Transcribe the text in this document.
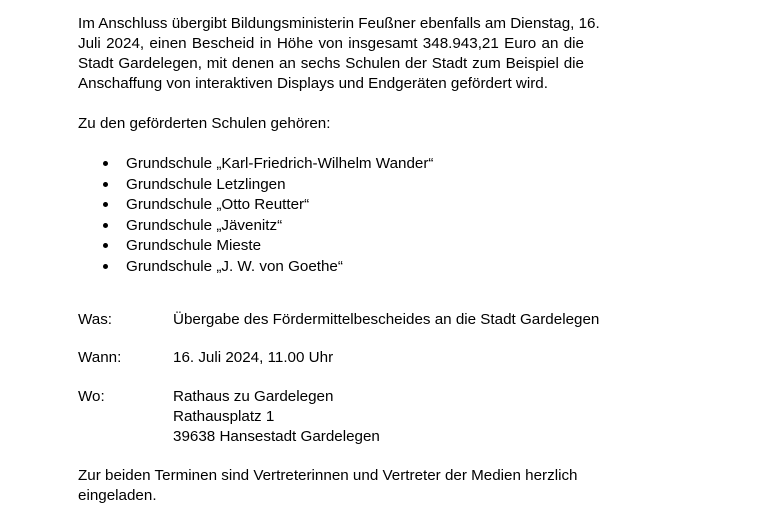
Im Anschluss übergibt Bildungsministerin Feußner ebenfalls am Dienstag, 16.
Juli 2024, einen Bescheid in Höhe von insgesamt 348.943,21 Euro an die
Stadt Gardelegen, mit denen an sechs Schulen der Stadt zum Beispiel die
Anschaffung von interaktiven Displays und Endgeräten gefördert wird.
Zu den geförderten Schulen gehören:
Grundschule „Karl-Friedrich-Wilhelm Wander“
Grundschule Letzlingen
Grundschule „Otto Reutter“
Grundschule „Jävenitz“
Grundschule Mieste
Grundschule „J. W. von Goethe“
Was:	Übergabe des Fördermittelbescheides an die Stadt Gardelegen
Wann:	16. Juli 2024, 11.00 Uhr
Wo:	Rathaus zu Gardelegen
Rathausplatz 1
39638 Hansestadt Gardelegen
Zur beiden Terminen sind Vertreterinnen und Vertreter der Medien herzlich
eingeladen.
